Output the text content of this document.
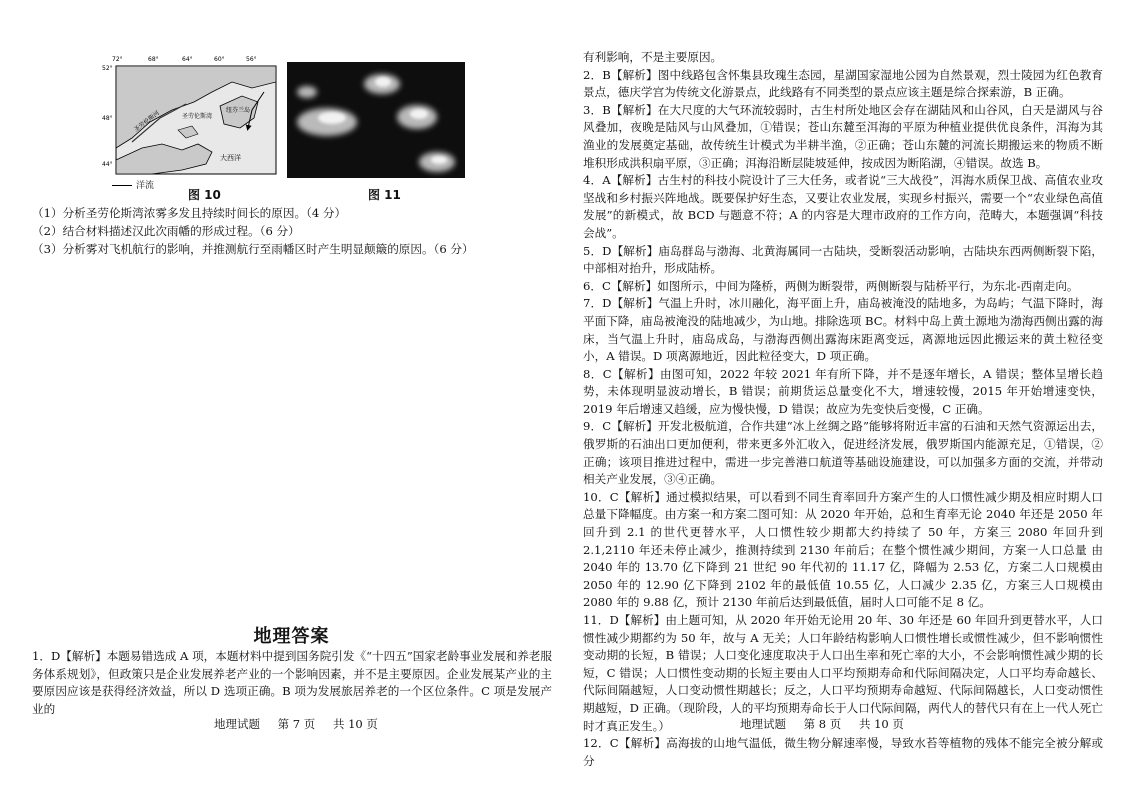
72°	68°	64°	60°	56°
52°
48°
44°
圣劳伦斯河	圣劳伦斯湾
纽芬兰岛
大西洋
洋流
图 10	图 11

（1）分析圣劳伦斯湾浓雾多发且持续时间长的原因。（4 分）

（2）结合材料描述汉此次雨幡的形成过程。（6 分）

（3）分析雾对飞机航行的影响，并推测航行至雨幡区时产生明显颠簸的原因。（6 分）

地理答案

1．D【解析】本题易错选成 A 项，本题材料中提到国务院引发《“十四五”国家老龄事业发展和养老服务体系规划》，但政策只是企业发展养老产业的一个影响因素，并不是主要原因。企业发展某产业的主要原因应该是获得经济效益，所以 D 选项正确。B 项为发展旅居养老的一个区位条件。C 项是发展产业的

有利影响，不是主要原因。

2．B【解析】图中线路包含怀集县玫瑰生态园，星湖国家湿地公园为自然景观，烈士陵园为红色教育景点，德庆学宫为传统文化游景点，此线路有不同类型的景点应该主题是综合探索游，B 正确。

3．B【解析】在大尺度的大气环流较弱时，古生村所处地区会存在湖陆风和山谷风，白天是湖风与谷风叠加，夜晚是陆风与山风叠加，①错误；苍山东麓至洱海的平原为种植业提供优良条件，洱海为其渔业的发展奠定基础，故传统生计模式为半耕半渔，②正确；苍山东麓的河流长期搬运来的物质不断堆积形成洪积扇平原，③正确；洱海沿断层陡坡延伸，按成因为断陷湖，④错误。故选 B。

4．A【解析】古生村的科技小院设计了三大任务，或者说“三大战役”，洱海水质保卫战、高值农业攻坚战和乡村振兴阵地战。既要保护好生态，又要让农业发展，实现乡村振兴，需要一个“农业绿色高值发展”的新模式，故 BCD 与题意不符；A 的内容是大理市政府的工作方向，范畴大，本题强调“科技会战”。

5．D【解析】庙岛群岛与渤海、北黄海属同一古陆块，受断裂活动影响，古陆块东西两侧断裂下陷，中部相对抬升，形成陆桥。

6．C【解析】如图所示，中间为隆桥，两侧为断裂带，两侧断裂与陆桥平行，为东北-西南走向。

7．D【解析】气温上升时，冰川融化，海平面上升，庙岛被淹没的陆地多，为岛屿；气温下降时，海平面下降，庙岛被淹没的陆地减少，为山地。排除选项 BC。材料中岛上黄土源地为渤海西侧出露的海床，当气温上升时，庙岛成岛，与渤海西侧出露海床距离变远，离源地远因此搬运来的黄土粒径变小，A 错误。D 项离源地近，因此粒径变大，D 项正确。

8．C【解析】由图可知，2022 年较 2021 年有所下降，并不是逐年增长，A 错误；整体呈增长趋势，未体现明显波动增长，B 错误；前期货运总量变化不大，增速较慢，2015 年开始增速变快，2019 年后增速又趋缓，应为慢快慢，D 错误；故应为先变快后变慢，C 正确。

9．C【解析】开发北极航道，合作共建“冰上丝绸之路”能够将附近丰富的石油和天然气资源运出去，俄罗斯的石油出口更加便利，带来更多外汇收入，促进经济发展，俄罗斯国内能源充足，①错误，②正确；该项目推进过程中，需进一步完善港口航道等基础设施建设，可以加强多方面的交流，并带动相关产业发展，③④正确。

10．C【解析】通过模拟结果，可以看到不同生育率回升方案产生的人口惯性减少期及相应时期人口总量下降幅度。由方案一和方案二图可知：从 2020 年开始，总和生育率无论 2040 年还是 2050 年回升到 2.1 的世代更替水平，人口惯性较少期都大约持续了 50 年，方案三 2080 年回升到 2.1,2110 年还未停止减少，推测持续到 2130 年前后；在整个惯性减少期间，方案一人口总量 由 2040 年的 13.70 亿下降到 21 世纪 90 年代初的 11.17 亿，降幅为 2.53 亿，方案二人口规模由 2050 年的 12.90 亿下降到 2102 年的最低值 10.55 亿，人口减少 2.35 亿，方案三人口规模由 2080 年的 9.88 亿，预计 2130 年前后达到最低值，届时人口可能不足 8 亿。

11．D【解析】由上题可知，从 2020 年开始无论用 20 年、30 年还是 60 年回升到更替水平，人口惯性减少期都约为 50 年，故与 A 无关；人口年龄结构影响人口惯性增长或惯性减少，但不影响惯性变动期的长短，B 错误；人口变化速度取决于人口出生率和死亡率的大小，不会影响惯性减少期的长短，C 错误；人口惯性变动期的长短主要由人口平均预期寿命和代际间隔决定，人口平均寿命越长、代际间隔越短，人口变动惯性期越长；反之，人口平均预期寿命越短、代际间隔越长，人口变动惯性期越短，D 正确。（现阶段，人的平均预期寿命长于人口代际间隔，两代人的替代只有在上一代人死亡时才真正发生。）

12．C【解析】高海拔的山地气温低，微生物分解速率慢，导致水苔等植物的残体不能完全被分解或分

地理试题 第 7 页 共 10 页	地理试题 第 8 页 共 10 页
